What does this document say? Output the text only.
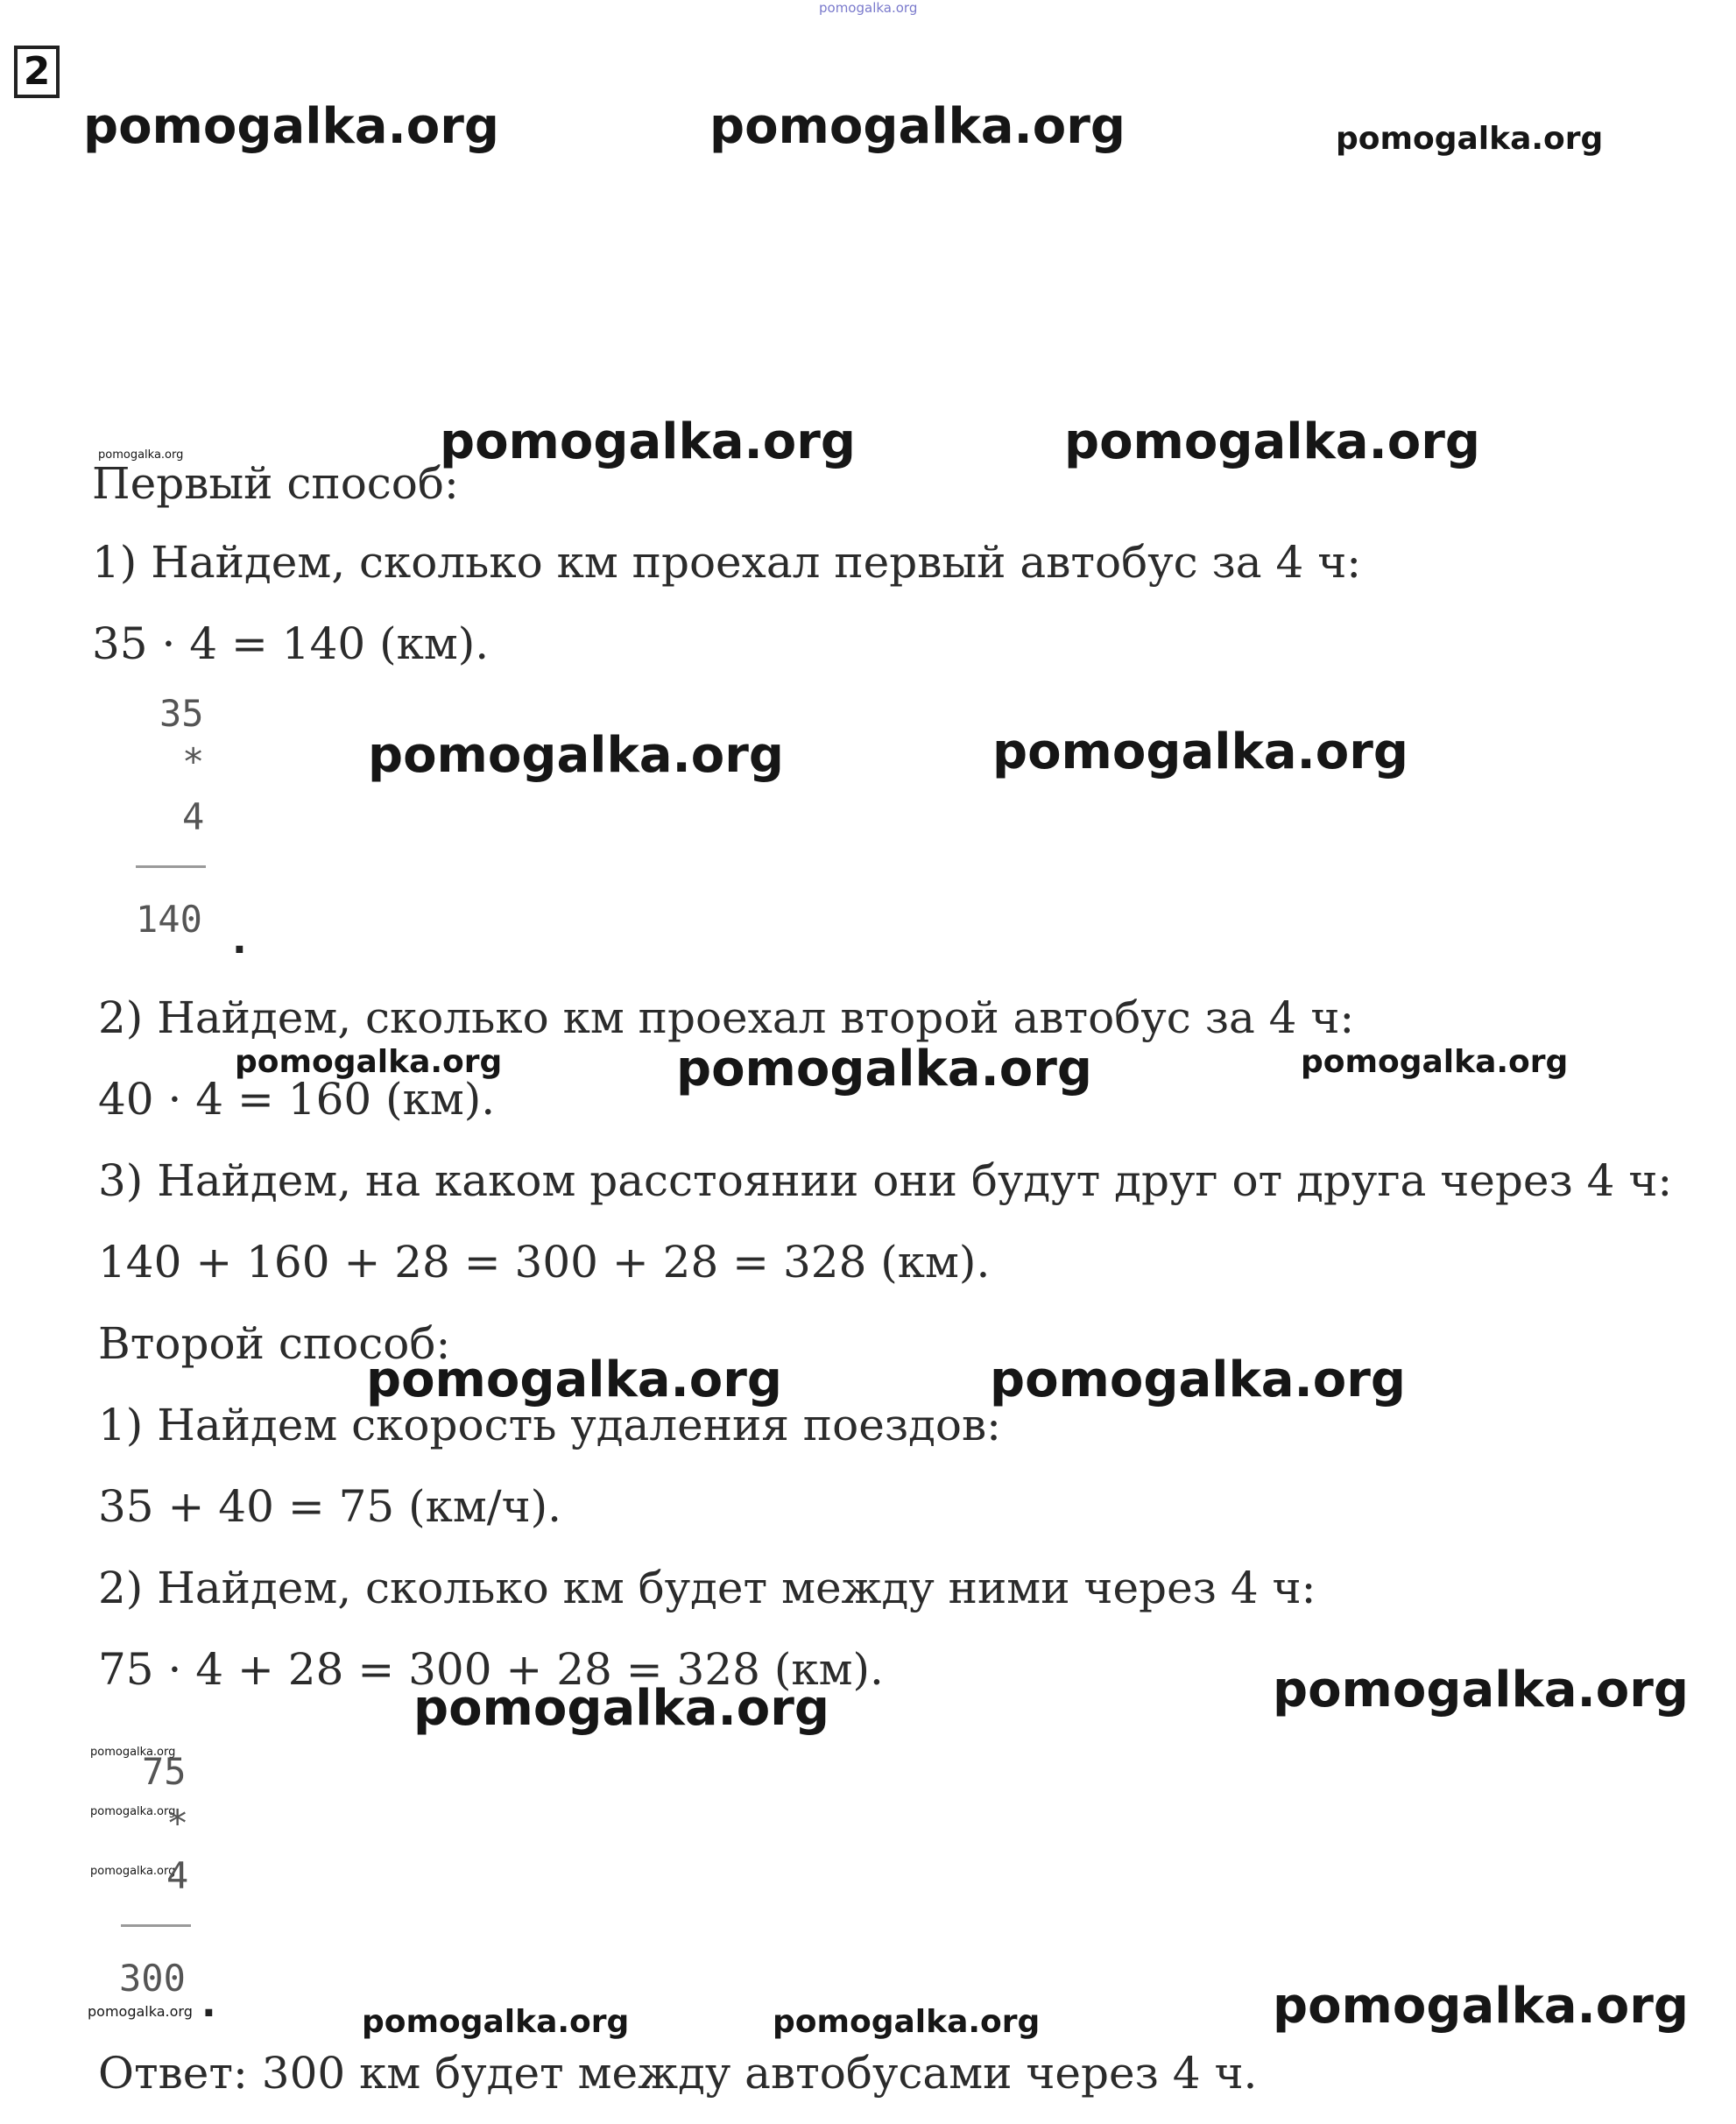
pomogalka.org
2
pomogalka.org	pomogalka.org	pomogalka.org
pomogalka.org	pomogalka.org	pomogalka.org
Первый способ:
1) Найдем, сколько км проехал первый автобус за 4 ч:
35 · 4 = 140 (км).
35
*
4
140 .
pomogalka.org	pomogalka.org
2) Найдем, сколько км проехал второй автобус за 4 ч:
pomogalka.org	pomogalka.org	pomogalka.org
40 · 4 = 160 (км).
3) Найдем, на каком расстоянии они будут друг от друга через 4 ч:
140 + 160 + 28 = 300 + 28 = 328 (км).
Второй способ:
pomogalka.org	pomogalka.org
1) Найдем скорость удаления поездов:
35 + 40 = 75 (км/ч).
2) Найдем, сколько км будет между ними через 4 ч:
75 · 4 + 28 = 300 + 28 = 328 (км).
pomogalka.org	pomogalka.org
pomogalka.org
75
pomogalka.org
*
pomogalka.org
4
300
pomogalka.org .	pomogalka.org	pomogalka.org	pomogalka.org
Ответ: 300 км будет между автобусами через 4 ч.
